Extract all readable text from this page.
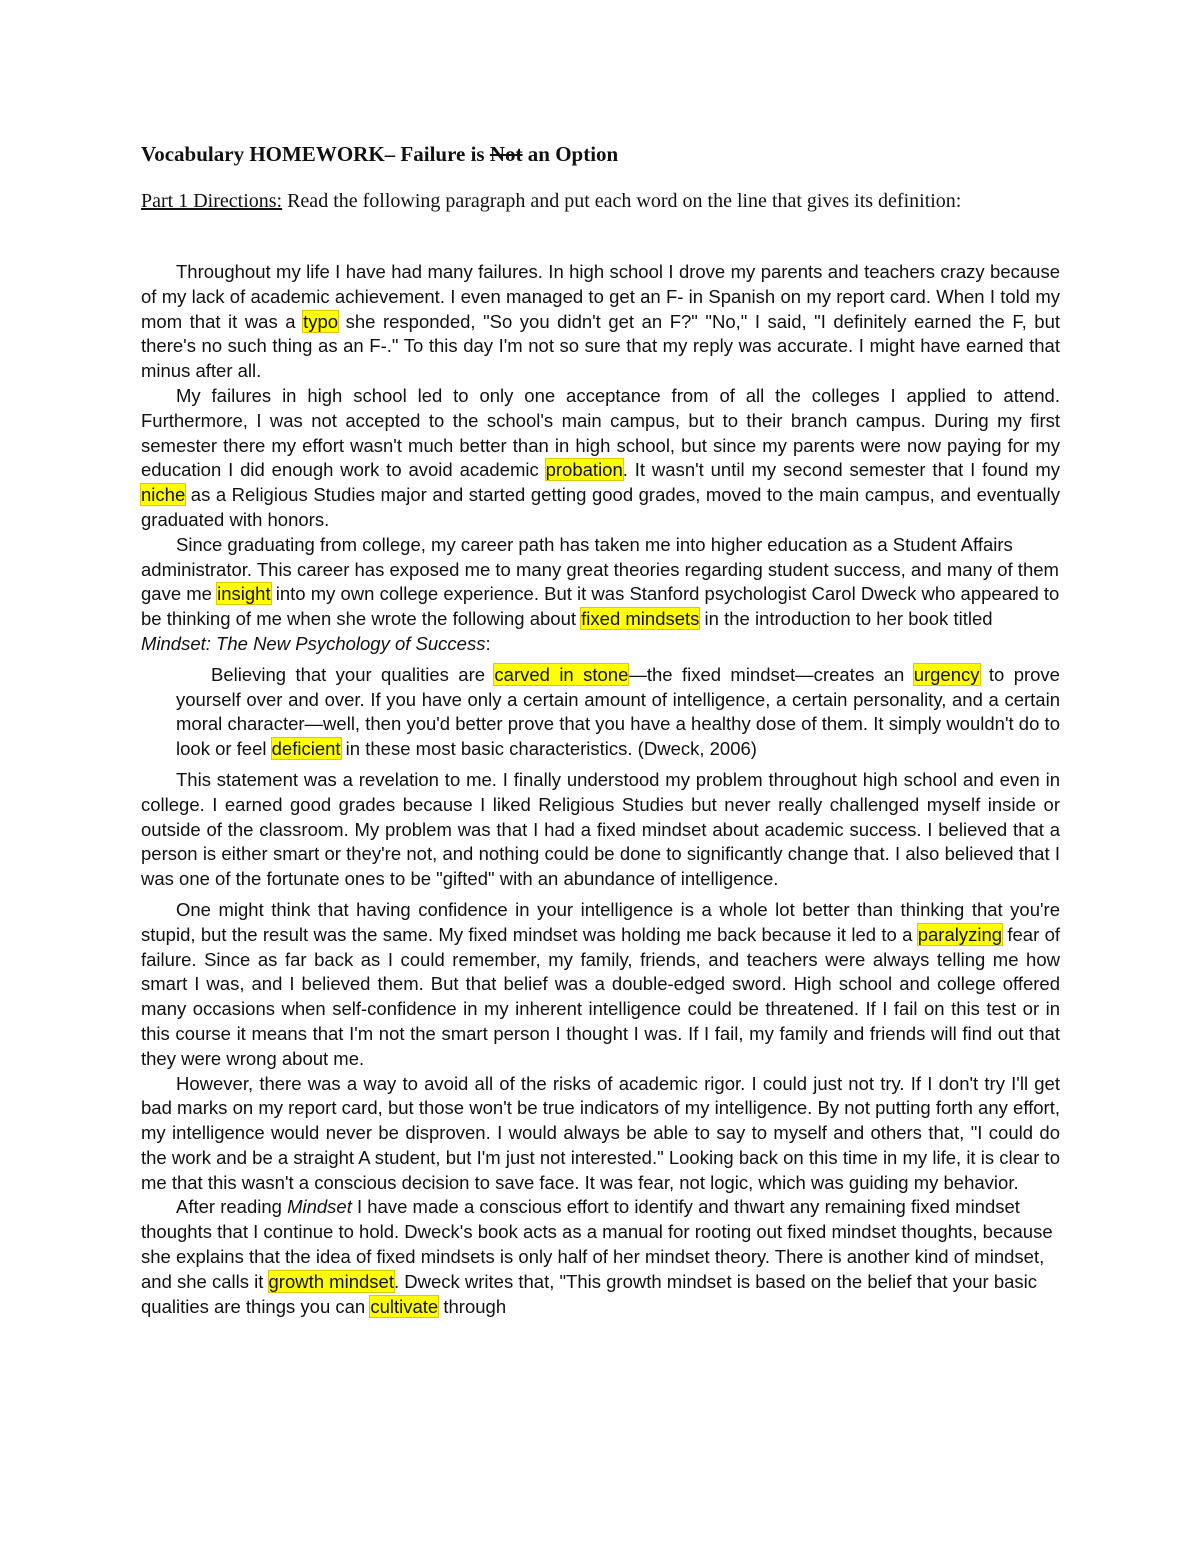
Vocabulary HOMEWORK– Failure is Not an Option
Part 1 Directions: Read the following paragraph and put each word on the line that gives its definition:

Throughout my life I have had many failures. In high school I drove my parents and teachers crazy because of my lack of academic achievement. I even managed to get an F- in Spanish on my report card. When I told my mom that it was a typo she responded, "So you didn't get an F?" "No," I said, "I definitely earned the F, but there's no such thing as an F-." To this day I'm not so sure that my reply was accurate. I might have earned that minus after all.

My failures in high school led to only one acceptance from of all the colleges I applied to attend. Furthermore, I was not accepted to the school's main campus, but to their branch campus. During my first semester there my effort wasn't much better than in high school, but since my parents were now paying for my education I did enough work to avoid academic probation. It wasn't until my second semester that I found my niche as a Religious Studies major and started getting good grades, moved to the main campus, and eventually graduated with honors.

Since graduating from college, my career path has taken me into higher education as a Student Affairs administrator. This career has exposed me to many great theories regarding student success, and many of them gave me insight into my own college experience. But it was Stanford psychologist Carol Dweck who appeared to be thinking of me when she wrote the following about fixed mindsets in the introduction to her book titled Mindset: The New Psychology of Success:

Believing that your qualities are carved in stone—the fixed mindset—creates an urgency to prove yourself over and over. If you have only a certain amount of intelligence, a certain personality, and a certain moral character—well, then you'd better prove that you have a healthy dose of them. It simply wouldn't do to look or feel deficient in these most basic characteristics. (Dweck, 2006)

This statement was a revelation to me. I finally understood my problem throughout high school and even in college. I earned good grades because I liked Religious Studies but never really challenged myself inside or outside of the classroom. My problem was that I had a fixed mindset about academic success. I believed that a person is either smart or they're not, and nothing could be done to significantly change that. I also believed that I was one of the fortunate ones to be "gifted" with an abundance of intelligence.

One might think that having confidence in your intelligence is a whole lot better than thinking that you're stupid, but the result was the same. My fixed mindset was holding me back because it led to a paralyzing fear of failure. Since as far back as I could remember, my family, friends, and teachers were always telling me how smart I was, and I believed them. But that belief was a double-edged sword. High school and college offered many occasions when self-confidence in my inherent intelligence could be threatened. If I fail on this test or in this course it means that I'm not the smart person I thought I was. If I fail, my family and friends will find out that they were wrong about me.

However, there was a way to avoid all of the risks of academic rigor. I could just not try. If I don't try I'll get bad marks on my report card, but those won't be true indicators of my intelligence. By not putting forth any effort, my intelligence would never be disproven. I would always be able to say to myself and others that, "I could do the work and be a straight A student, but I'm just not interested." Looking back on this time in my life, it is clear to me that this wasn't a conscious decision to save face. It was fear, not logic, which was guiding my behavior.

After reading Mindset I have made a conscious effort to identify and thwart any remaining fixed mindset thoughts that I continue to hold. Dweck's book acts as a manual for rooting out fixed mindset thoughts, because she explains that the idea of fixed mindsets is only half of her mindset theory. There is another kind of mindset, and she calls it growth mindset. Dweck writes that, "This growth mindset is based on the belief that your basic qualities are things you can cultivate through
